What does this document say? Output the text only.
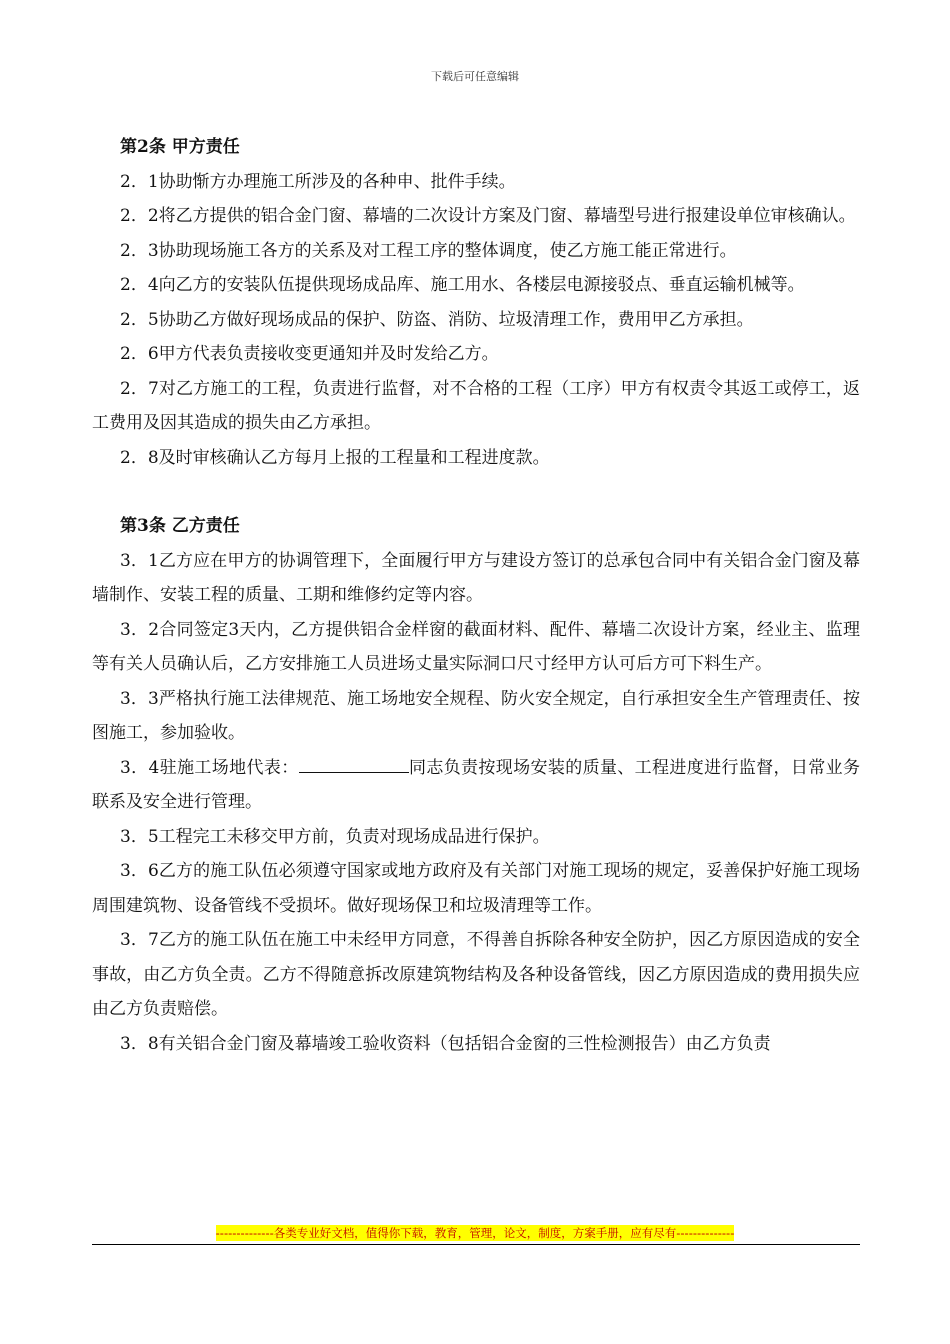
下载后可任意编辑
第2条 甲方责任

2．1协助惭方办理施工所涉及的各种申、批件手续。

2．2将乙方提供的铝合金门窗、幕墙的二次设计方案及门窗、幕墙型号进行报建设单位审核确认。

2．3协助现场施工各方的关系及对工程工序的整体调度，使乙方施工能正常进行。

2．4向乙方的安装队伍提供现场成品库、施工用水、各楼层电源接驳点、垂直运输机械等。

2．5协助乙方做好现场成品的保护、防盗、消防、垃圾清理工作，费用甲乙方承担。

2．6甲方代表负责接收变更通知并及时发给乙方。

2．7对乙方施工的工程，负责进行监督，对不合格的工程（工序）甲方有权责令其返工或停工，返工费用及因其造成的损失由乙方承担。

2．8及时审核确认乙方每月上报的工程量和工程进度款。

第3条 乙方责任

3．1乙方应在甲方的协调管理下，全面履行甲方与建设方签订的总承包合同中有关铝合金门窗及幕墙制作、安装工程的质量、工期和维修约定等内容。

3．2合同签定3天内，乙方提供铝合金样窗的截面材料、配件、幕墙二次设计方案，经业主、监理等有关人员确认后，乙方安排施工人员进场丈量实际洞口尺寸经甲方认可后方可下料生产。

3．3严格执行施工法律规范、施工场地安全规程、防火安全规定，自行承担安全生产管理责任、按图施工，参加验收。

3．4驻施工场地代表：	同志负责按现场安装的质量、工程进度进行监督，日常业务联系及安全进行管理。

3．5工程完工未移交甲方前，负责对现场成品进行保护。

3．6乙方的施工队伍必须遵守国家或地方政府及有关部门对施工现场的规定，妥善保护好施工现场周围建筑物、设备管线不受损坏。做好现场保卫和垃圾清理等工作。

3．7乙方的施工队伍在施工中未经甲方同意，不得善自拆除各种安全防护，因乙方原因造成的安全事故，由乙方负全责。乙方不得随意拆改原建筑物结构及各种设备管线，因乙方原因造成的费用损失应由乙方负责赔偿。

3．8有关铝合金门窗及幕墙竣工验收资料（包括铝合金窗的三性检测报告）由乙方负责

--------------各类专业好文档，值得你下载，教育，管理，论文，制度，方案手册，应有尽有--------------
